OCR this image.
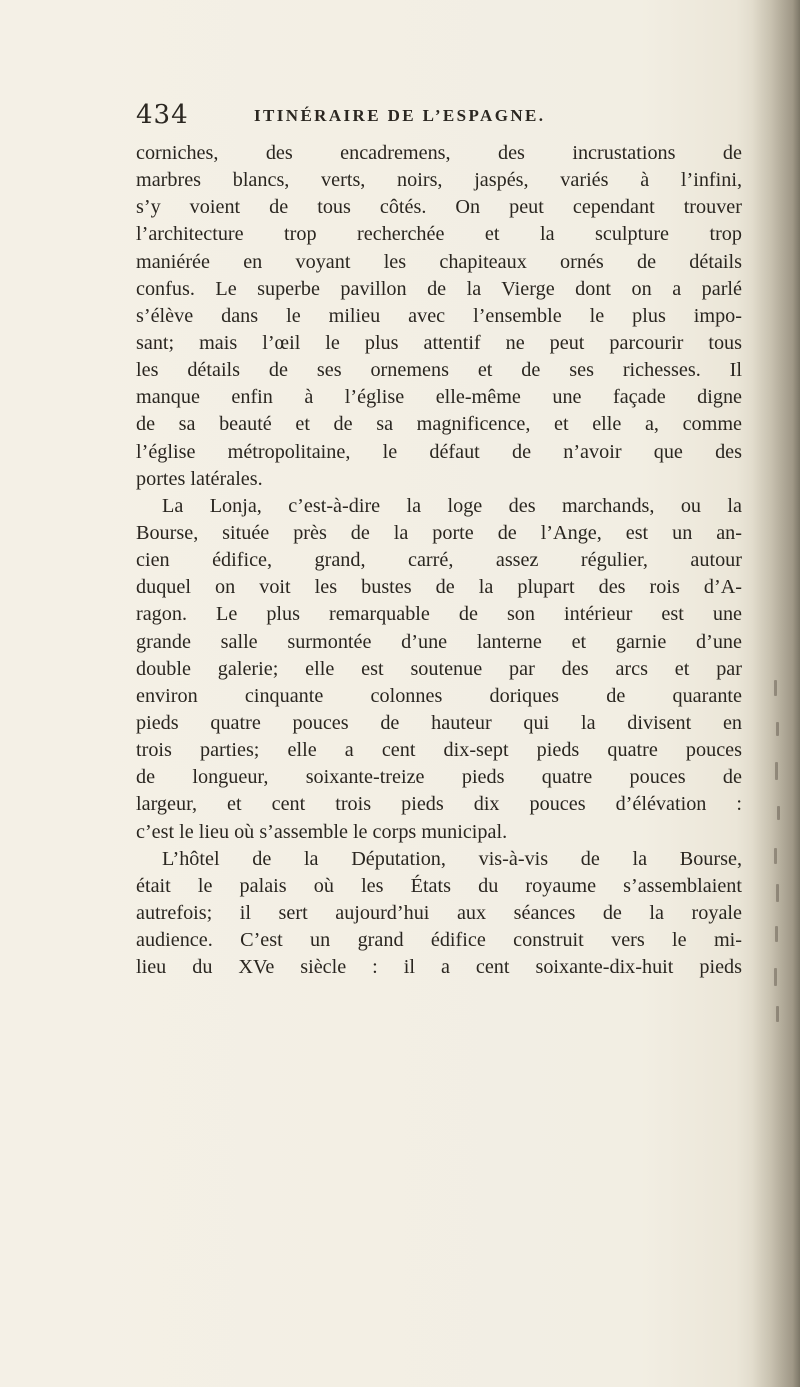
434	ITINÉRAIRE DE L’ESPAGNE.
corniches, des encadremens, des incrustations de
marbres blancs, verts, noirs, jaspés, variés à l’infini,
s’y voient de tous côtés. On peut cependant trouver
l’architecture trop recherchée et la sculpture trop
maniérée en voyant les chapiteaux ornés de détails
confus. Le superbe pavillon de la Vierge dont on a parlé
s’élève dans le milieu avec l’ensemble le plus impo-
sant; mais l’œil le plus attentif ne peut parcourir tous
les détails de ses ornemens et de ses richesses. Il
manque enfin à l’église elle-même une façade digne
de sa beauté et de sa magnificence, et elle a, comme
l’église métropolitaine, le défaut de n’avoir que des
portes latérales.
La Lonja, c’est-à-dire la loge des marchands, ou la
Bourse, située près de la porte de l’Ange, est un an-
cien édifice, grand, carré, assez régulier, autour
duquel on voit les bustes de la plupart des rois d’A-
ragon. Le plus remarquable de son intérieur est une
grande salle surmontée d’une lanterne et garnie d’une
double galerie; elle est soutenue par des arcs et par
environ cinquante colonnes doriques de quarante
pieds quatre pouces de hauteur qui la divisent en
trois parties; elle a cent dix-sept pieds quatre pouces
de longueur, soixante-treize pieds quatre pouces de
largeur, et cent trois pieds dix pouces d’élévation :
c’est le lieu où s’assemble le corps municipal.
L’hôtel de la Députation, vis-à-vis de la Bourse,
était le palais où les États du royaume s’assemblaient
autrefois; il sert aujourd’hui aux séances de la royale
audience. C’est un grand édifice construit vers le mi-
lieu du XVe siècle : il a cent soixante-dix-huit pieds
